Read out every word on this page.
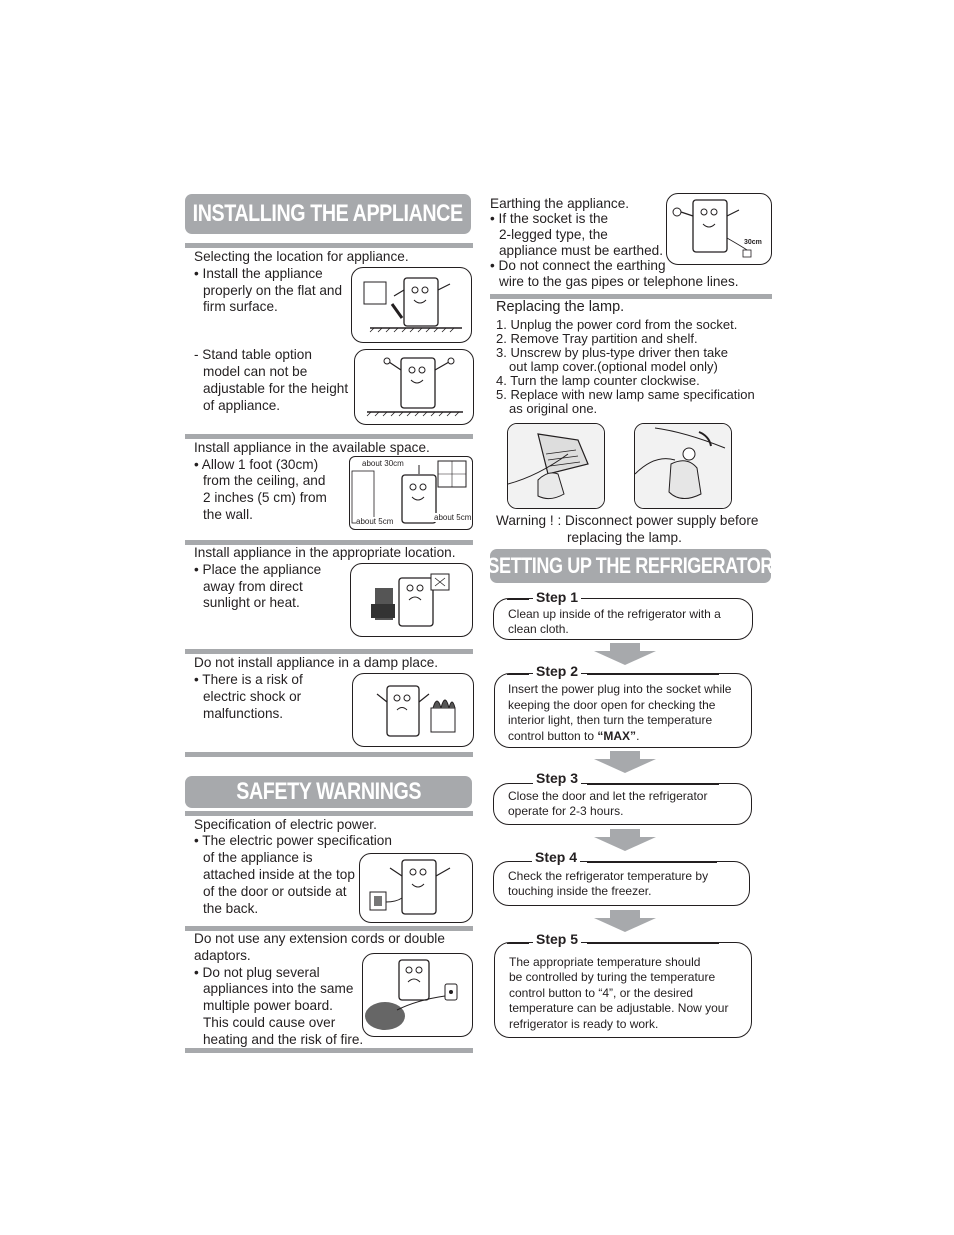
INSTALLING THE APPLIANCE
Selecting the location for appliance.
• Install the appliance
properly on the flat and
firm surface.
- Stand table option
model can not be
adjustable for the height
of appliance.
Install appliance in the available space.
• Allow 1 foot (30cm)
from the ceiling, and
2 inches (5 cm) from
the wall.
about 30cm
about 5cm	about 5cm
Install appliance in the appropriate location.
• Place the appliance
away from direct
sunlight or heat.
Do not install appliance in a damp place.
• There is a risk of
electric shock or
malfunctions.
SAFETY WARNINGS
Specification of electric power.
• The electric power specification
of the appliance is
attached inside at the top
of the door or outside at
the back.
Do not use any extension cords or double
adaptors.
• Do not plug several
appliances into the same
multiple power board.
This could cause over
heating and the risk of fire.
Earthing the appliance.
• If the socket is the
2-legged type, the
appliance must be earthed.
• Do not connect the earthing
wire to the gas pipes or telephone lines.
30cm
Replacing the lamp.
1. Unplug the power cord from the socket.
2. Remove Tray partition and shelf.
3. Unscrew by plus-type driver then take
out lamp cover.(optional model only)
4. Turn the lamp counter clockwise.
5. Replace with new lamp same specification
as original one.
Warning ! : Disconnect power supply before
replacing the lamp.
SETTING UP THE REFRIGERATOR
Step 1
Clean up inside of the refrigerator with a
clean cloth.
Step 2
Insert the power plug into the socket while
keeping the door open for checking the
interior light, then turn the temperature
control button to “MAX”.
Step 3
Close the door and let the refrigerator
operate for 2-3 hours.
Step 4
Check the refrigerator temperature by
touching inside the freezer.
Step 5
The appropriate temperature should
be controlled by turing the temperature
control button to “4”, or the desired
temperature can be adjustable. Now your
refrigerator is ready to work.
